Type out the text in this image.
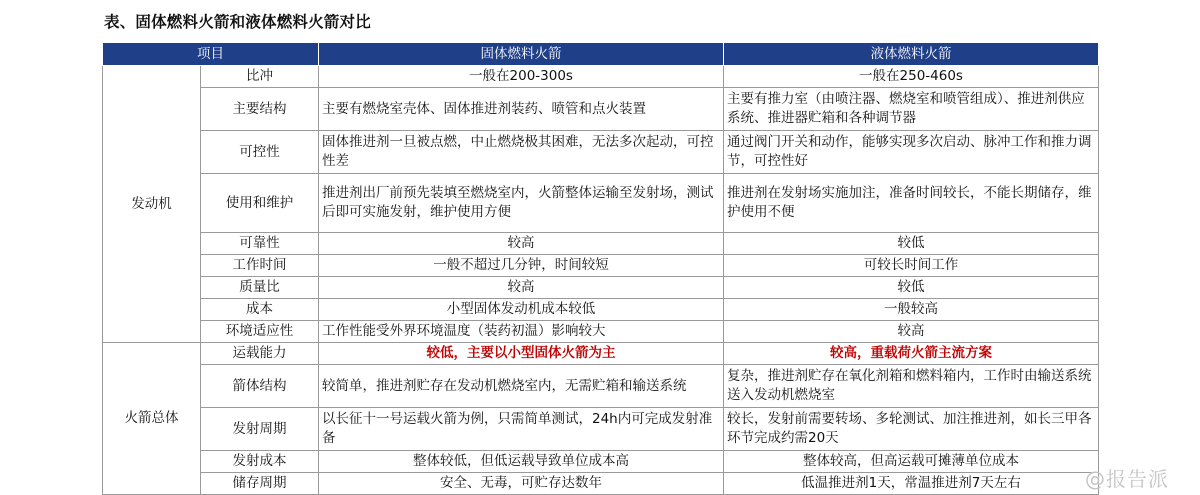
表、固体燃料火箭和液体燃料火箭对比
项目		固体燃料火箭	液体燃料火箭
发动机	比冲	一般在200-300s	一般在250-460s
	主要结构	主要有燃烧室壳体、固体推进剂装药、喷管和点火装置	主要有推力室（由喷注器、燃烧室和喷管组成）、推进剂供应系统、推进器贮箱和各种调节器
	可控性	固体推进剂一旦被点燃，中止燃烧极其困难，无法多次起动，可控性差	通过阀门开关和动作，能够实现多次启动、脉冲工作和推力调节，可控性好
	使用和维护	推进剂出厂前预先装填至燃烧室内，火箭整体运输至发射场，测试后即可实施发射，维护使用方便	推进剂在发射场实施加注，准备时间较长，不能长期储存，维护使用不便
	可靠性	较高	较低
	工作时间	一般不超过几分钟，时间较短	可较长时间工作
	质量比	较高	较低
	成本	小型固体发动机成本较低	一般较高
	环境适应性	工作性能受外界环境温度（装药初温）影响较大	较高
火箭总体	运载能力	较低，主要以小型固体火箭为主	较高，重载荷火箭主流方案
	箭体结构	较简单，推进剂贮存在发动机燃烧室内，无需贮箱和输送系统	复杂，推进剂贮存在氧化剂箱和燃料箱内，工作时由输送系统送入发动机燃烧室
	发射周期	以长征十一号运载火箭为例，只需简单测试，24h内可完成发射准备	较长，发射前需要转场、多轮测试、加注推进剂，如长三甲各环节完成约需20天
	发射成本	整体较低，但低运载导致单位成本高	整体较高，但高运载可摊薄单位成本
	储存周期	安全、无毒，可贮存达数年	低温推进剂1天，常温推进剂7天左右	@报告派
